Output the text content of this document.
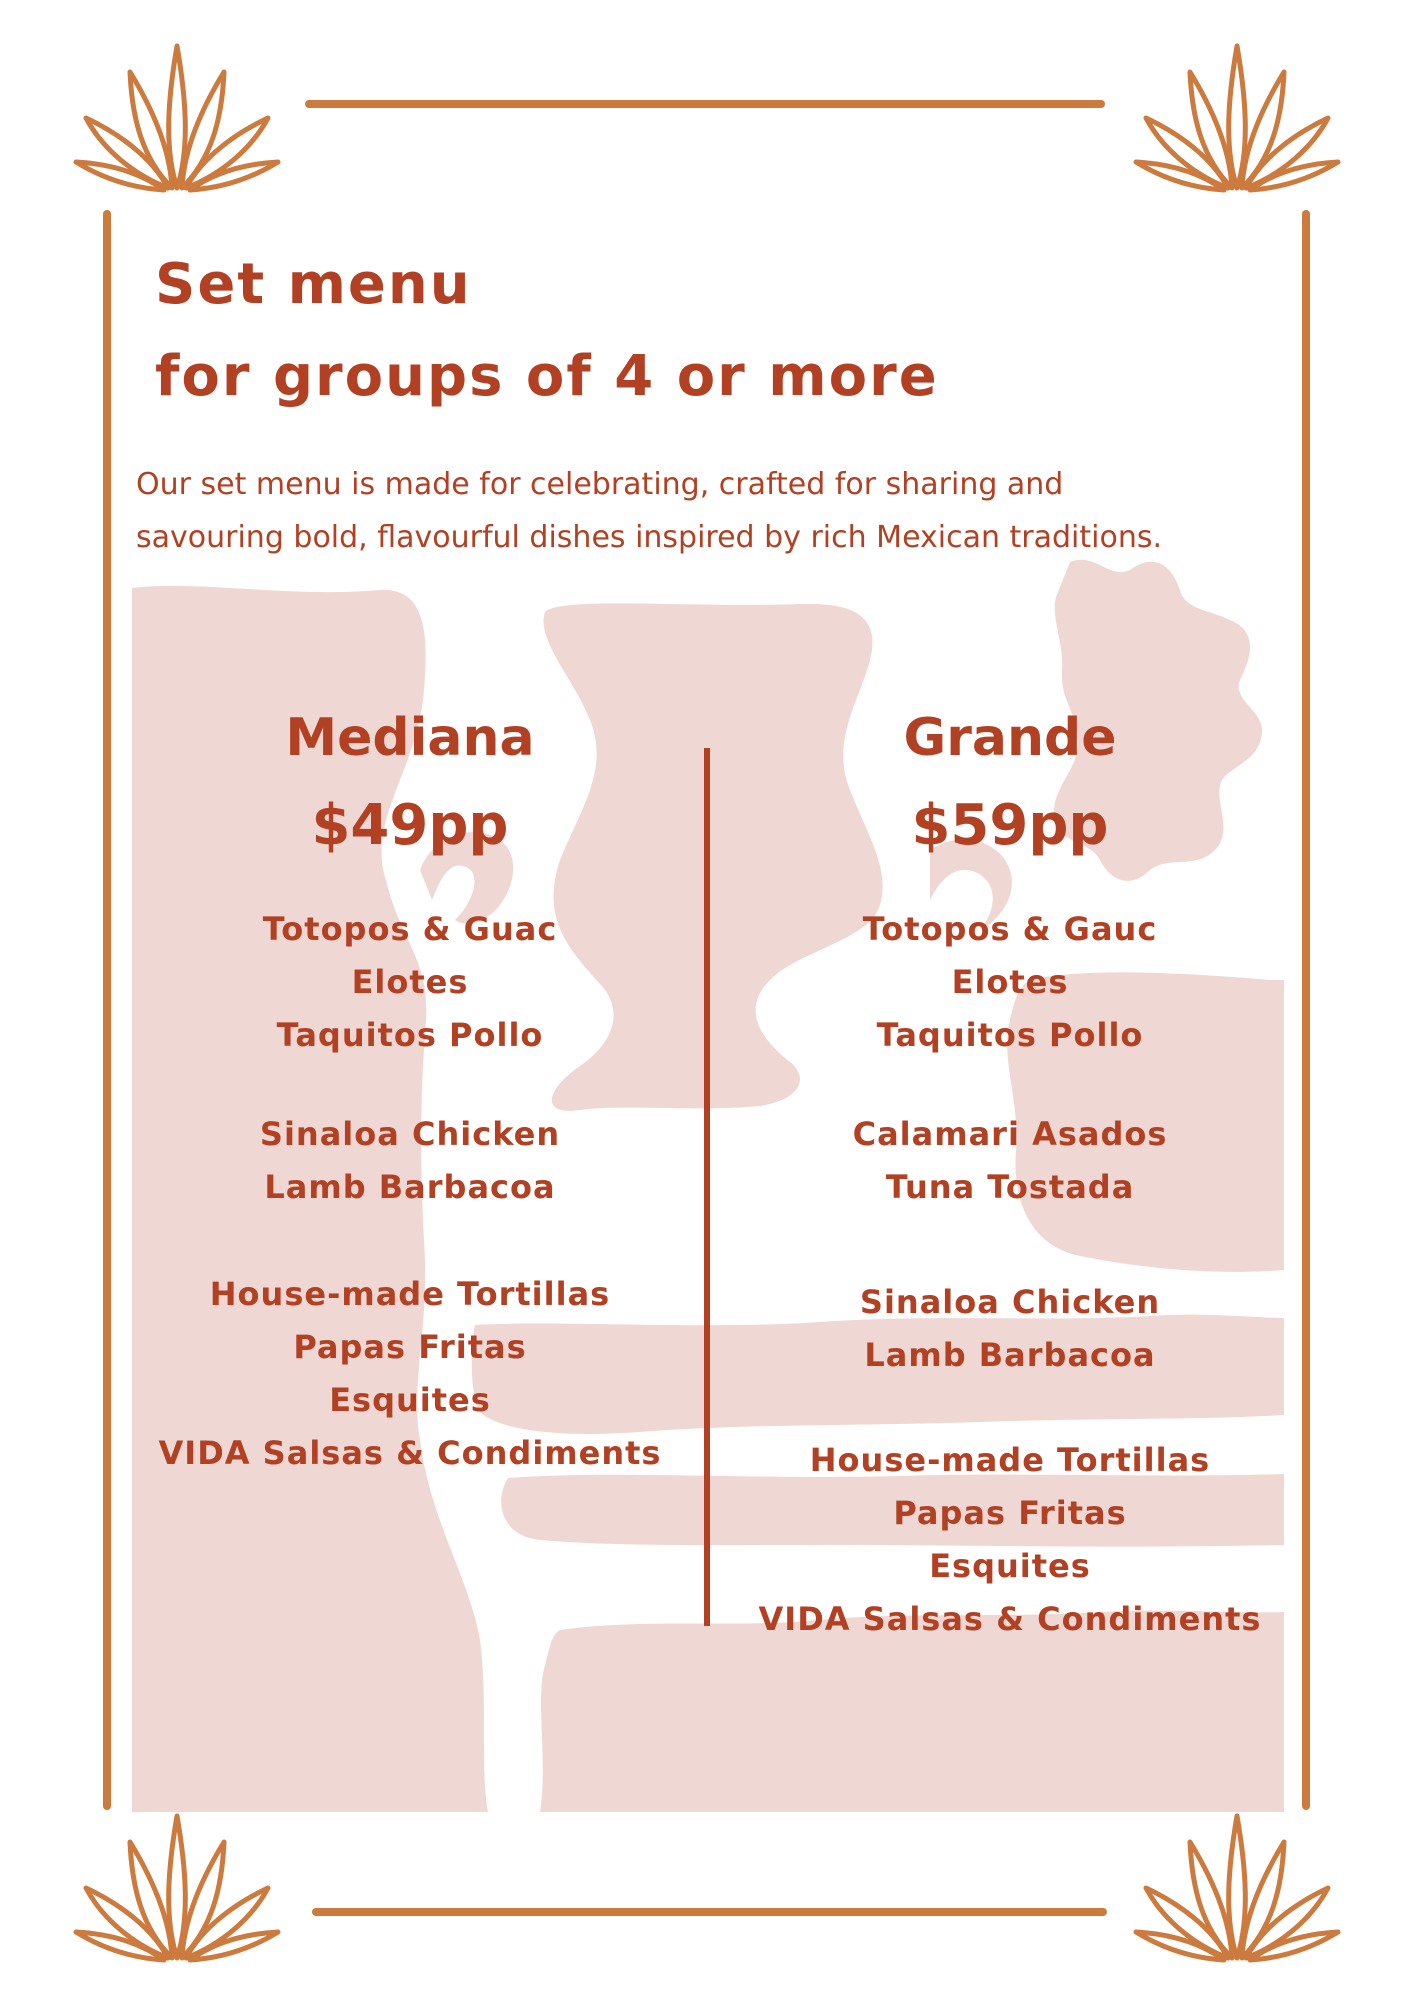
Set menu
for groups of 4 or more
Our set menu is made for celebrating, crafted for sharing and
savouring bold, flavourful dishes inspired by rich Mexican traditions.
Mediana
$49pp
Totopos & Guac
Elotes
Taquitos Pollo
Sinaloa Chicken
Lamb Barbacoa
House-made Tortillas
Papas Fritas
Esquites
VIDA Salsas & Condiments
Grande
$59pp
Totopos & Gauc
Elotes
Taquitos Pollo
Calamari Asados
Tuna Tostada
Sinaloa Chicken
Lamb Barbacoa
House-made Tortillas
Papas Fritas
Esquites
VIDA Salsas & Condiments
